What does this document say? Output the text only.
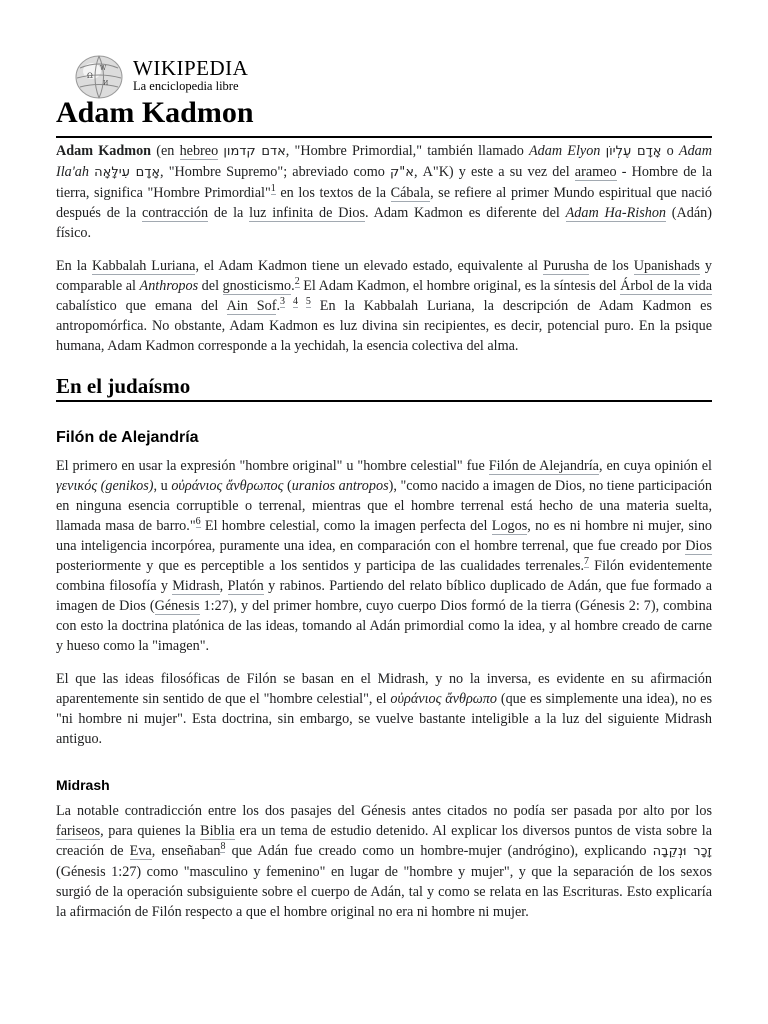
Ω
W
И
WIKIPEDIA
La enciclopedia libre
Adam Kadmon

Adam Kadmon (en hebreo אדם קדמון, "Hombre Primordial," también llamado Adam Elyon אָדָם עֶלְיוֹן o Adam Ila'ah אָדָם עִילָּאָה, "Hombre Supremo"; abreviado como א"ק, A"K) y este a su vez del arameo - Hombre de la tierra, significa "Hombre Primordial"$^1$ en los textos de la Cábala, se refiere al primer Mundo espiritual que nació después de la contracción de la luz infinita de Dios. Adam Kadmon es diferente del Adam Ha-Rishon (Adán) físico.

En la Kabbalah Luriana, el Adam Kadmon tiene un elevado estado, equivalente al Purusha de los Upanishads y comparable al Anthropos del gnosticismo.$^2$ El Adam Kadmon, el hombre original, es la síntesis del Árbol de la vida cabalístico que emana del Ain Sof.$^{3 4 5}$ En la Kabbalah Luriana, la descripción de Adam Kadmon es antropomórfica. No obstante, Adam Kadmon es luz divina sin recipientes, es decir, potencial puro. En la psique humana, Adam Kadmon corresponde a la yechidah, la esencia colectiva del alma.

En el judaísmo
Filón de Alejandría

El primero en usar la expresión "hombre original" u "hombre celestial" fue Filón de Alejandría, en cuya opinión el γενικός (genikos), u οὐράνιος ἄνθρωπος (uranios antropos), "como nacido a imagen de Dios, no tiene participación en ninguna esencia corruptible o terrenal, mientras que el hombre terrenal está hecho de una materia suelta, llamada masa de barro."$^6$ El hombre celestial, como la imagen perfecta del Logos, no es ni hombre ni mujer, sino una inteligencia incorpórea, puramente una idea, en comparación con el hombre terrenal, que fue creado por Dios posteriormente y que es perceptible a los sentidos y participa de las cualidades terrenales.$^7$ Filón evidentemente combina filosofía y Midrash, Platón y rabinos. Partiendo del relato bíblico duplicado de Adán, que fue formado a imagen de Dios (Génesis 1:27), y del primer hombre, cuyo cuerpo Dios formó de la tierra (Génesis 2: 7), combina con esto la doctrina platónica de las ideas, tomando al Adán primordial como la idea, y al hombre creado de carne y hueso como la "imagen".

El que las ideas filosóficas de Filón se basan en el Midrash, y no la inversa, es evidente en su afirmación aparentemente sin sentido de que el "hombre celestial", el οὐράνιος ἄνθρωπο (que es simplemente una idea), no es "ni hombre ni mujer". Esta doctrina, sin embargo, se vuelve bastante inteligible a la luz del siguiente Midrash antiguo.

Midrash

La notable contradicción entre los dos pasajes del Génesis antes citados no podía ser pasada por alto por los fariseos, para quienes la Biblia era un tema de estudio detenido. Al explicar los diversos puntos de vista sobre la creación de Eva, enseñaban$^8$ que Adán fue creado como un hombre-mujer (andrógino), explicando זָכָר וּנְקֵבָה (Génesis 1:27) como "masculino y femenino" en lugar de "hombre y mujer", y que la separación de los sexos surgió de la operación subsiguiente sobre el cuerpo de Adán, tal y como se relata en las Escrituras. Esto explicaría la afirmación de Filón respecto a que el hombre original no era ni hombre ni mujer.
